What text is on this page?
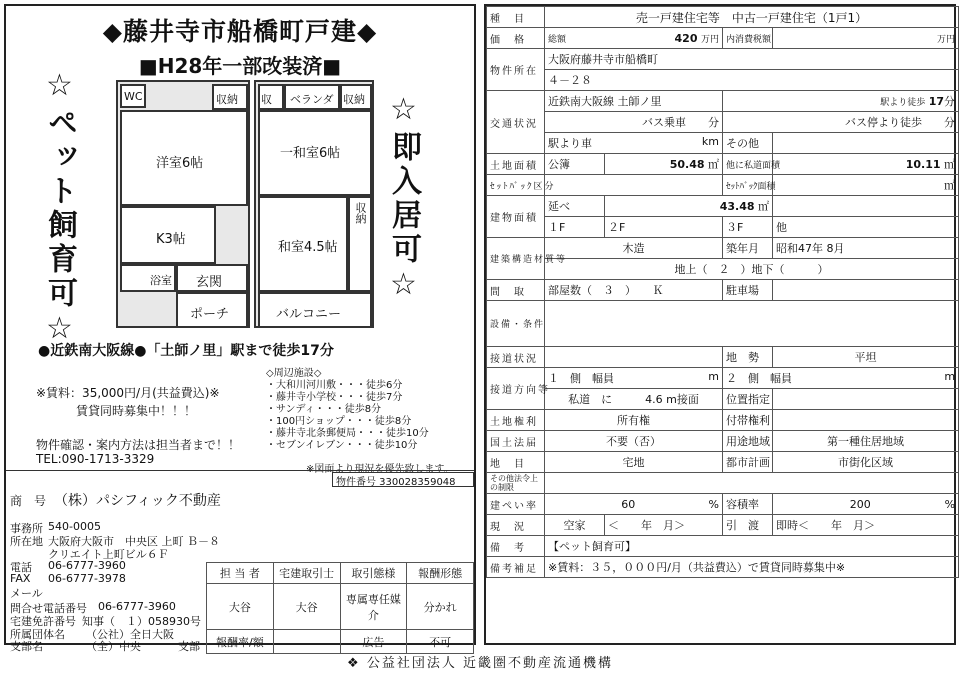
◆藤井寺市船橋町戸建◆
■H28年一部改装済■
☆ペット飼育可☆	☆即入居可☆
WC	収納
洋室6帖
K3帖
浴室 玄関
ポーチ
収	ベランダ 収納
一和室6帖
和室4.5帖
収納
バルコニー
●近鉄南大阪線●「土師ノ里」駅まで徒歩17分
※賃料：35,000円/月(共益費込)※
賃貸同時募集中！！！
物件確認・案内方法は担当者まで！！
TEL:090-1713-3329
◇周辺施設◇
・大和川河川敷・・・徒歩6分
・藤井寺小学校・・・徒歩7分
・サンディ・・・徒歩8分
・100円ショップ・・・徒歩8分
・藤井寺北条郵便局・・・徒歩10分
・セブンイレブン・・・徒歩10分
※図面より現況を優先致します。
物件番号 330028359048
商　号 （株）パシフィック不動産
事務所 540-0005
所在地 大阪府大阪市　中央区 上町 Ｂ－８
クリエイト上町ビル６Ｆ
電話 06-6777-3960
FAX 06-6777-3978
メール
問合せ電話番号 06-6777-3960
宅建免許番号 知事（　１）058930号
所属団体名 （公社）全日大阪
支部名	（全）中央	支部
担 当 者	宅建取引士	取引態様	報酬形態
大谷	大谷	専属専任媒介	分かれ
報酬率/額		広告	不可
種　目	売一戸建住宅等　中古一戸建住宅（1戸1）			
価　格	総額 420 万円		内消費税額	万円
物件所在	大阪府藤井寺市船橋町			
	４－２８			
交通状況	近鉄南大阪線 土師ノ里		駅より徒歩 17分	
	バス乗車　　 分		バス停より徒歩　　 分	
	駅より車 km		その他	
土地面積	公簿	50.48 ㎡	他に私道面積	10.11 ㎡
ｾｯﾄﾊﾞｯｸ区分			ｾｯﾄﾊﾞｯｸ面積	㎡
建物面積	延べ	43.48 ㎡		
	１F	２F	３F	他
建築構造材質等	木造		築年月	昭和47年 8月
	地上（　２　）地下（　　　）			
間　取	部屋数（　３　）　　Ｋ		駐車場	
設備・条件				
接道状況			地　勢	平坦
接道方向等	１　 側　幅員 m		２　 側　幅員 m	

	私道　に　　　4.6 m接面		位置指定	
土地権利	所有権		付帯権利	
国土法届	不要（否）		用途地域	第一種住居地域
地　目	宅地		都市計画	市街化区域
その他法令上の制限				
建ぺい率	60 %		容積率	200 %

現　況	空家	＜　　年　月＞	引　渡	即時＜　　年　月＞
備　考	【ペット飼育可】			
備考補足	※賃料：３５，０００円/月（共益費込）で賃貸同時募集中※			
❖ 公益社団法人 近畿圏不動産流通機構
